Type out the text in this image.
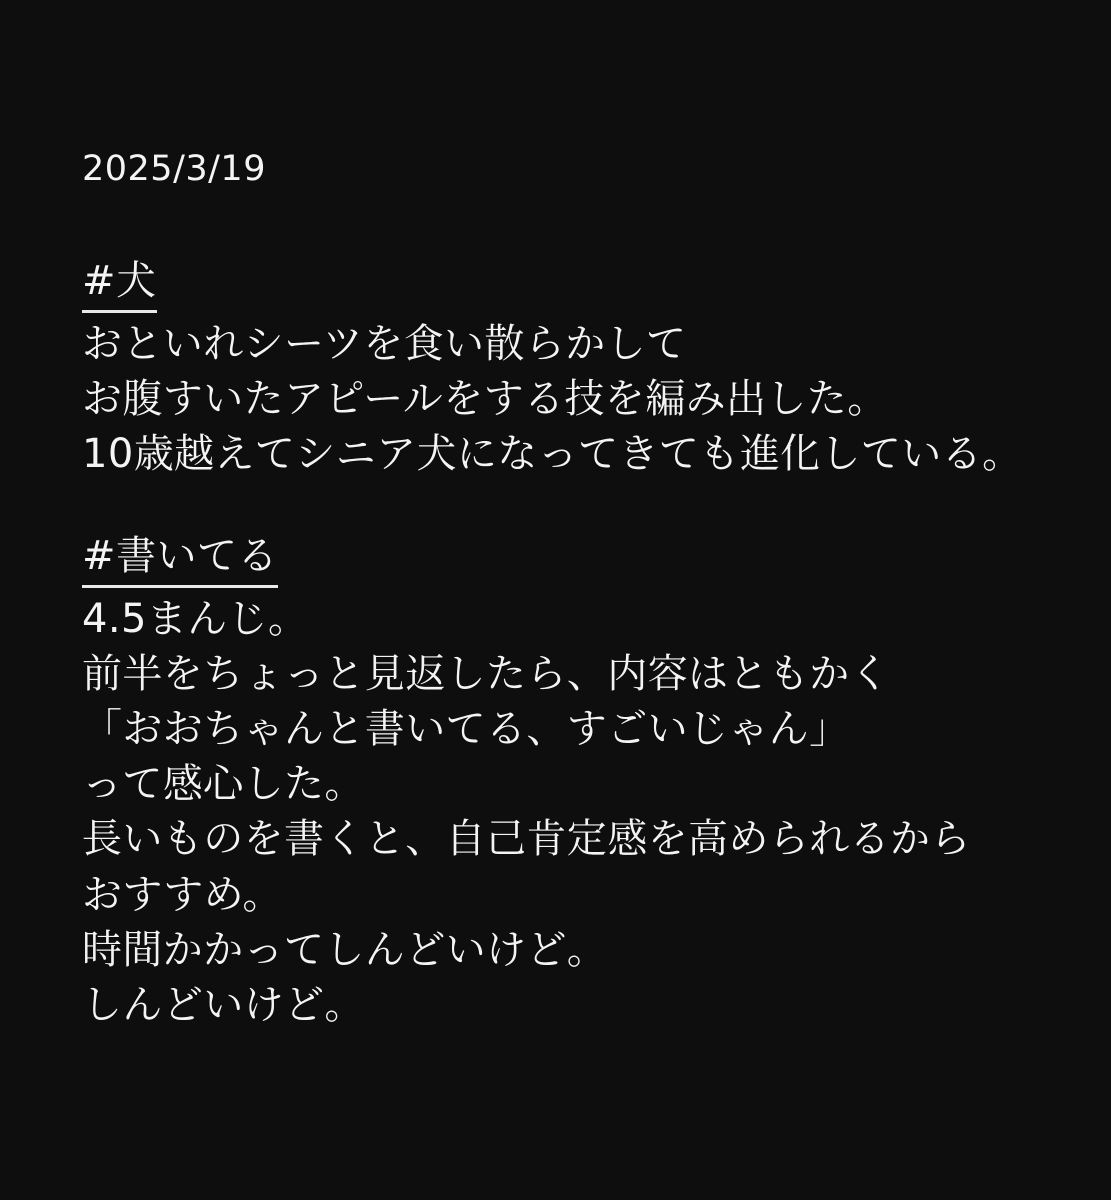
2025/3/19
#犬
おといれシーツを食い散らかして
お腹すいたアピールをする技を編み出した。
10歳越えてシニア犬になってきても進化している。
#書いてる
4.5まんじ。
前半をちょっと見返したら、内容はともかく
「おおちゃんと書いてる、すごいじゃん」
って感心した。
長いものを書くと、自己肯定感を高められるから
おすすめ。
時間かかってしんどいけど。
しんどいけど。
